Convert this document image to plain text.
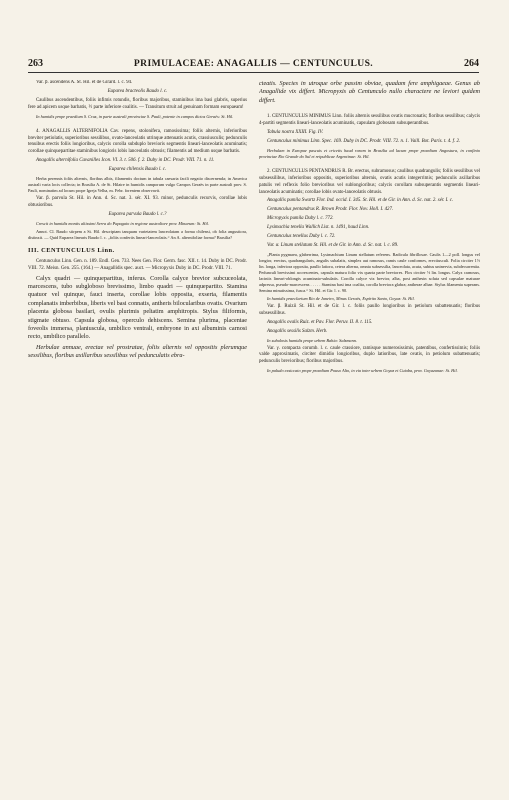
263	PRIMULACEAE: ANAGALLIS — CENTUNCULUS.	264

Var. β. ascendens A. St. Hil. et de Girard. l. c. 94.

Euparea bracteolis Baudo l. c.

Caulibus ascendentibus, foliis infimis rotundis, floribus majoribus, staminibus ima basi glabris, superius fere ad apicem usque barbatis, ½ parte inferiore coalitis. — Transitum struit ad genuinam formam europaeam!

In humidis prope praedium S. Cruz, in parte australi provinciae S. Pauli, potente in campos dictos Geraës: St. Hil.

4. ANAGALLIS ALTERNIFOLIA Cav. repens, stolonifera, ramosissima; foliis alternis, inferioribus breviter petiolatis, superioribus sessilibus, ovato-lanceolatis utrinque attenuatis acutis, crassiusculis; pedunculis tenuibus erectis foliis longioribus, calycis corolla subduplo brevioris segmentis lineari-lanceolatis acuminatis; corollae quinquepartitae staminibus longioris lobis lanceolatis obtusis; filamentis ad medium usque barbatis.

Anagallis alternifolia Cavanilles Icon. VI. 3. t. 506. f. 2. Duby in DC. Prodr. VIII. 71. n. 11.

Euparea chilensis Baudo l. c.

Herba perennis foliis alternis, floribus albis, filamentis doctum in tabula caesaria facili negatio discernenda; in America australi varia locis collecta; in Brasilia A. de St. Hilaire in humidis camporum vulgo Campos Geraës in parte australi prov. S. Pauli, nominatim ad locum prope Igreja Velha, m. Febr. forentem observavit.

Var. β. parvula St. Hil. in Ann. d. Sc. nat. 3. sér. XI. 93. minor, pedunculis recurvis, corollae lobis obtusioribus.

Euparea parvula Baudo l. c.?

Crescit in humidis montis altissimi Serra do Papagaio in regione australiore prov. Minarum: St. Hil.

Annot. Cl. Baudo stirpem a St. Hil. descriptam tanquam varietatem lanceolatam a forma chilensi, ob folia angustiora, distinxit. — Quid Euparea linearis Baudo l. c. „foliis confertis lineari-lanceolatis.“ An A. alternifoliae forma? Brasilia?

III. CENTUNCULUS Linn.

Centunculus Linn. Gen. n. 189. Endl. Gen. 733. Nees Gen. Flor. Germ. fasc. XII. t. 14. Duby in DC. Prodr. VIII. 72. Meisn. Gen. 255. (164.) — Anagallidis spec. auct. — Micropyxis Duby in DC. Prodr. VIII. 71.

Calyx quadri — quinquepartitus, inferus. Corolla calyce brevior subcuceolata, marcescens, tubo subgloboso brevissimo, limbo quadri — quinquepartito. Stamina quatuor vel quinque, fauci inserta, corollae lobis opposita, exserta, filamentis complanatis imberbibus, liberis vel basi connatis, antheris bilocularibus ovatis. Ovarium placenta globosa basilari, ovulis plurimis peltatim amphitropis. Stylus filiformis, stigmate obtuso. Capsula globosa, operculo dehiscens. Semina plurima, placentae foveolis immersa, planiuscula, umbilico ventrali, embryone in axi albuminis carnosi recto, umbilico parallelo.

Herbulae annuae, erectae vel prostratae, foliis alternis vel oppositis plerumque sessilibus, floribus axillaribus sessilibus vel pedunculatis ebra-

cteatis. Species in utroque orbe passim obviae, quadam fere amphigaeae. Genus ab Anagallide vix differt. Micropyxis ab Centunculo nullo charactere ne leviori quidem differt.

1. CENTUNCULUS MINIMUS Linn. foliis alternis sessilibus ovatis mucronatis; floribus sessilibus; calycis 4-partiti segmentis lineari-lanceolatis acuminatis, capsulam globosam subsuperantibus.

Tabula nostra XXIII. Fig. IV.

Centunculus minimus Linn. Spec. 169. Duby in DC. Prodr. VIII. 72. n. 1. Vaill. Bot. Paris. t. 4. f. 2.

Herbulam in Europae pascuis et cricetis haud raram in Brasilia ad lacum prope praedium Angostura, in confinio provinciae Rio Grande do Sul et reipublicae Argentinae: St. Hil.

2. CENTUNCULUS PENTANDRUS R. Br. erectus, subramosus; caulibus quadrangulis; foliis sessilibus vel subsessilibus, inferioribus oppositis, superioribus alternis, ovatis acutis integerrimis; pedunculis axillaribus patulis vel reflexis folio brevioribus vel sublongioribus; calycis corollam subsuperantis segmentis lineari-lanceolatis acuminatis; corollae lobis ovato-lanceolatis obtusis.

Anagallis pumila Swartz Flor. Ind. occid. I. 345. St. Hil. et de Gir. in Ann. d. Sc. nat. 2. sér. I. c.

Centunculus pentandrus R. Brown Prodr. Flor. Nov. Holl. I. 427.

Micropyxis pumila Duby l. c. 772.

Lysimachia tenella Wallich List. n. 1491, haud Linn.

Centunculus tenellus Duby l. c. 72.

Var. α. Linum stellatum St. Hil. et de Gir. in Ann. d. Sc. nat. l. c. 89.

„Planta pygmaea, glaberrima, Lysimachium Linum stellatum referens. Radicula fibrillosae. Caulis 1—2 poll. longus vel longior, erectus, quadrangularis, angulis subalatis, simplex aut ramosus, ramis caule conformes, erectiusculi. Folia circiter 1½ lin. longa, inferiora opposita, paullo latiora, cetera alterna, omnia subsessilia, lanceolata, acuta, subtus uninervia, subdecurrentia. Pedunculi brevissimi accrescentes, capsula matura folio vix quarta parte breviores. Flos circiter ½ lin. longus. Calyx carnosus, laciniis lineari-oblongis acuminato-subulatis. Corolla calyce vix brevior, alba, post anthesin soluta sed capsulae maturae adpressa, pseudo-marcescens . . . . . Stamina basi ima coalita, corolla breviora glabra; antherae albae. Stylus filamenta superans. Semina minutissima, fusca.“ St. Hil. et Gir. l. c. 90.

In humidis praeclarium Rio de Janeiro, Minas Geraës, Espírito Santo, Goyaz: St. Hil.

Var. β. Ruizii St. Hil. et de Gir. l. c. foliis paullo longioribus in petiolum subattenuatis; floribus subsessilibus.

Anagallis ovalis Ruiz. et Pav. Flor. Peruv. II. 8. t. 115.

Anagallis sessilis Salzm. Herb.

In subulosis humidis prope urbem Bahia: Salzmann.

Var. γ. compacta corumb. l. c. caule crassiore, ramisque numerosissimis, patentibus, confertissimis; foliis valde approximatis, circiter dimidio longioribus, duplo latioribus, late ovatis, in petiolum subattenuatis; pedunculis brevioribus; floribus majoribus.

In paludo exsiccato prope praedium Pouso Alto, in via inter urbem Goyaz et Cuiaba, prov. Goyazanae: St. Hil.
